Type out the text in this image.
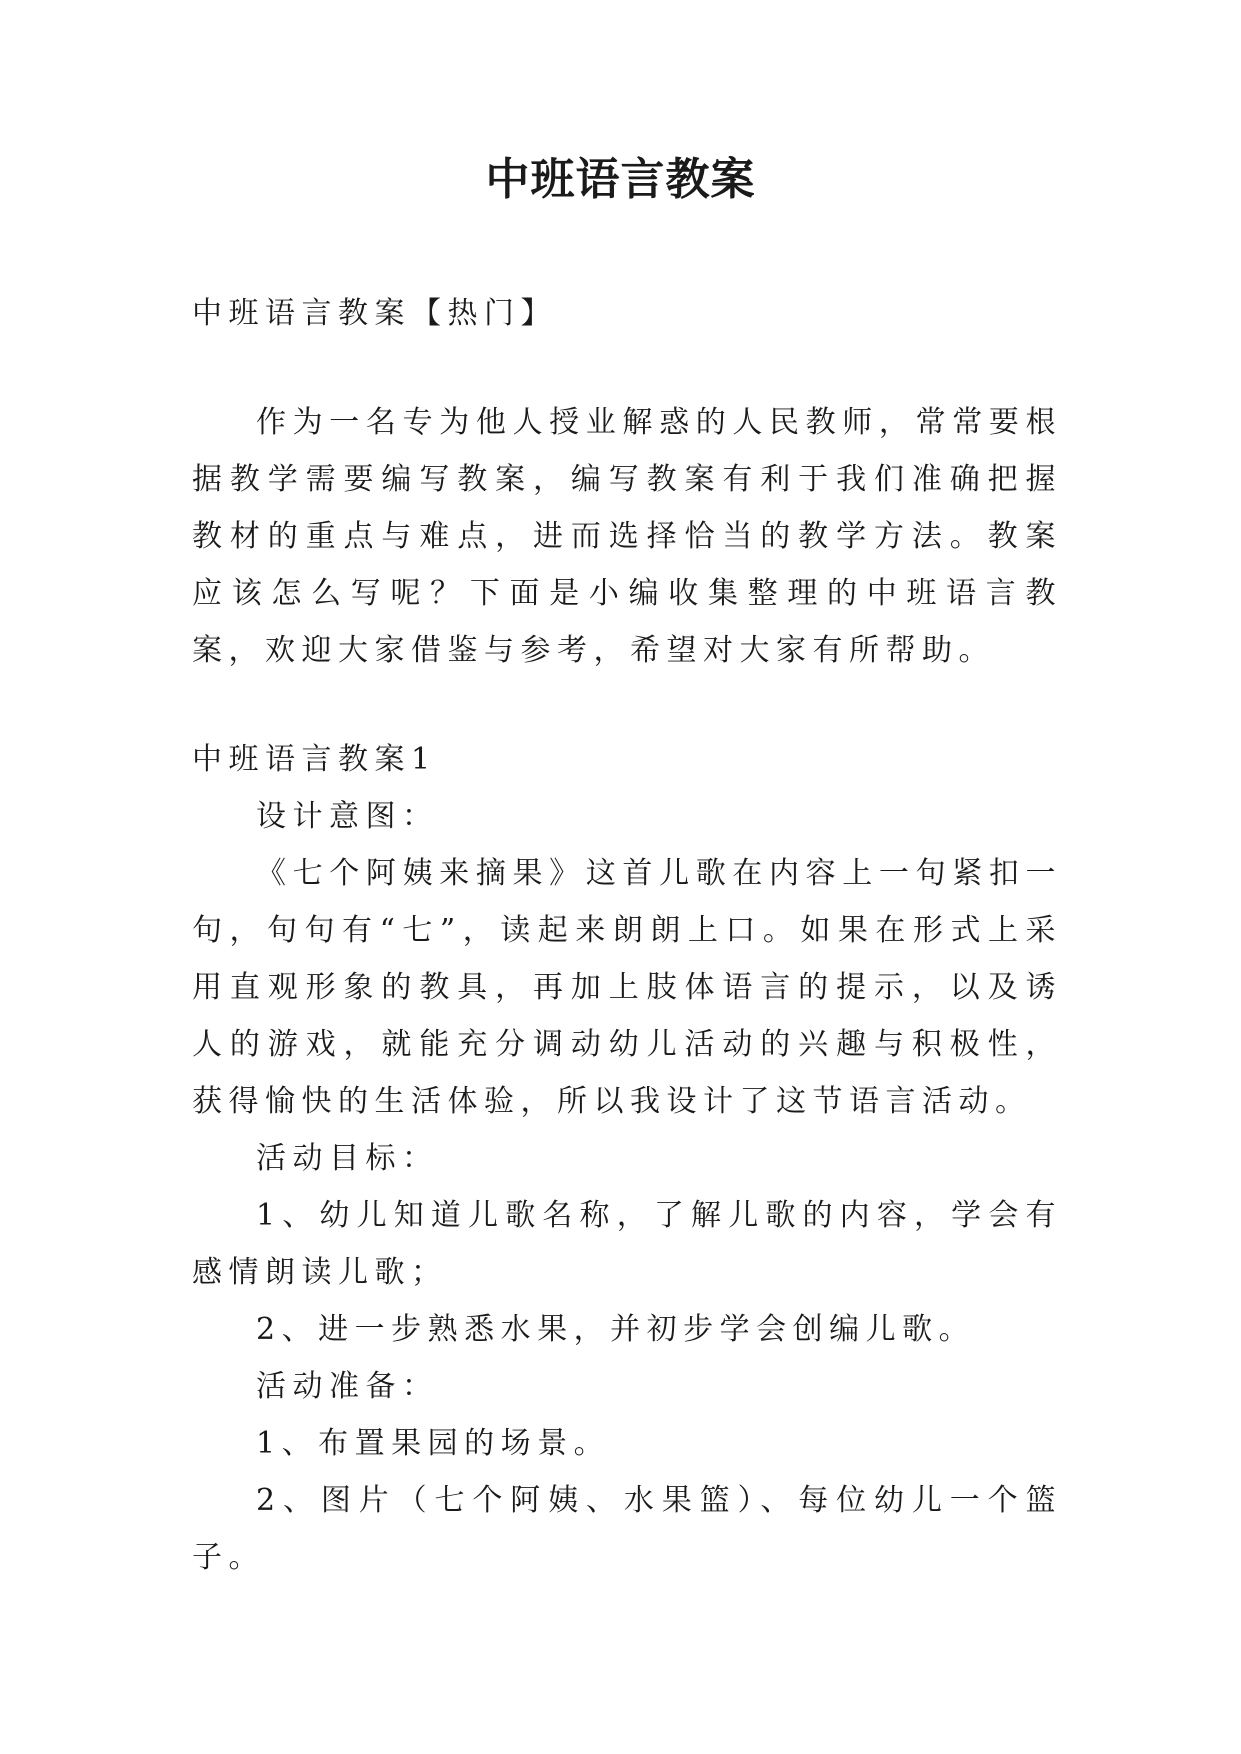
中班语言教案

中班语言教案【热门】

作为一名专为他人授业解惑的人民教师，常常要根据教学需要编写教案，编写教案有利于我们准确把握教材的重点与难点，进而选择恰当的教学方法。教案应该怎么写呢？下面是小编收集整理的中班语言教案，欢迎大家借鉴与参考，希望对大家有所帮助。

中班语言教案1

设计意图：

《七个阿姨来摘果》这首儿歌在内容上一句紧扣一句，句句有“七”，读起来朗朗上口。如果在形式上采用直观形象的教具，再加上肢体语言的提示，以及诱人的游戏，就能充分调动幼儿活动的兴趣与积极性，获得愉快的生活体验，所以我设计了这节语言活动。

活动目标：

1、幼儿知道儿歌名称，了解儿歌的内容，学会有感情朗读儿歌；

2、进一步熟悉水果，并初步学会创编儿歌。

活动准备：

1、布置果园的场景。

2、图片（七个阿姨、水果篮）、每位幼儿一个篮子。
